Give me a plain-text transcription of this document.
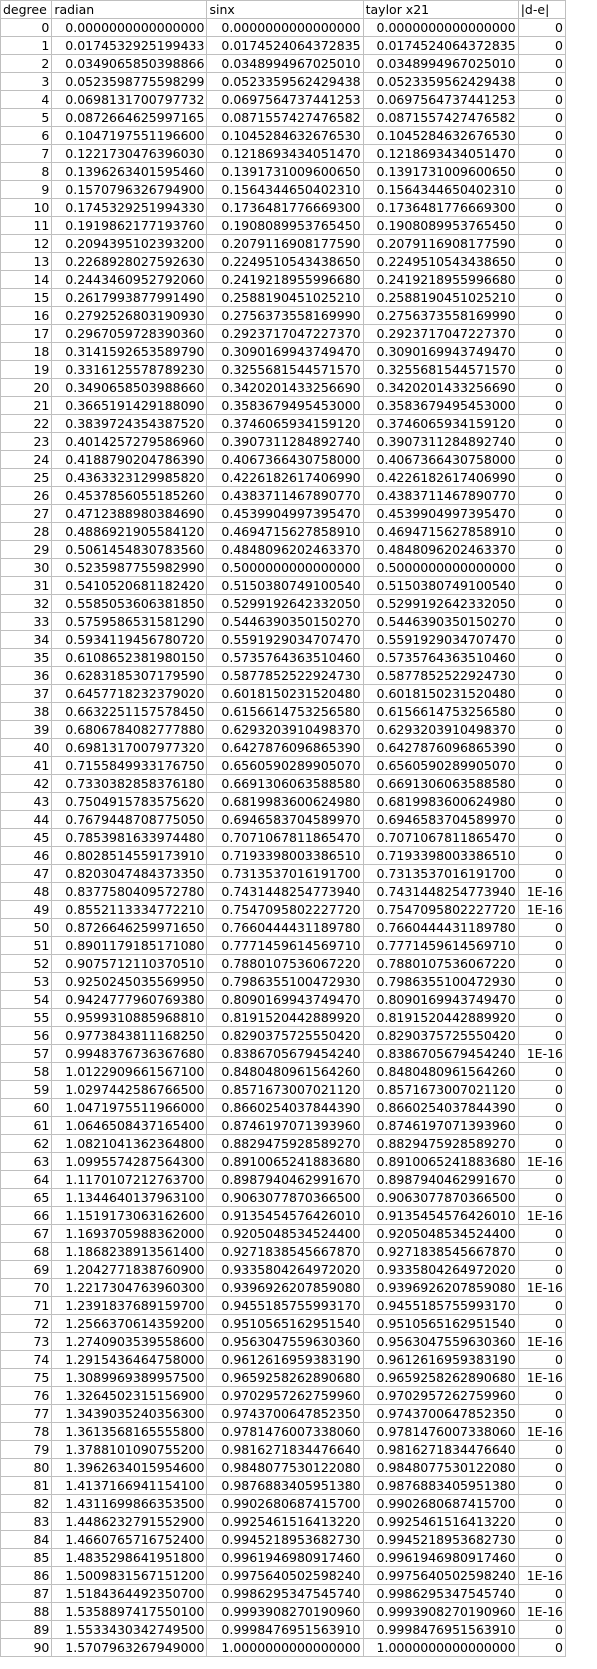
degree	radian	sinx	taylor x21	|d-e|
0	0.0000000000000000	0.0000000000000000	0.0000000000000000	0
1	0.0174532925199433	0.0174524064372835	0.0174524064372835	0
2	0.0349065850398866	0.0348994967025010	0.0348994967025010	0
3	0.0523598775598299	0.0523359562429438	0.0523359562429438	0
4	0.0698131700797732	0.0697564737441253	0.0697564737441253	0
5	0.0872664625997165	0.0871557427476582	0.0871557427476582	0
6	0.1047197551196600	0.1045284632676530	0.1045284632676530	0
7	0.1221730476396030	0.1218693434051470	0.1218693434051470	0
8	0.1396263401595460	0.1391731009600650	0.1391731009600650	0
9	0.1570796326794900	0.1564344650402310	0.1564344650402310	0
10	0.1745329251994330	0.1736481776669300	0.1736481776669300	0
11	0.1919862177193760	0.1908089953765450	0.1908089953765450	0
12	0.2094395102393200	0.2079116908177590	0.2079116908177590	0
13	0.2268928027592630	0.2249510543438650	0.2249510543438650	0
14	0.2443460952792060	0.2419218955996680	0.2419218955996680	0
15	0.2617993877991490	0.2588190451025210	0.2588190451025210	0
16	0.2792526803190930	0.2756373558169990	0.2756373558169990	0
17	0.2967059728390360	0.2923717047227370	0.2923717047227370	0
18	0.3141592653589790	0.3090169943749470	0.3090169943749470	0
19	0.3316125578789230	0.3255681544571570	0.3255681544571570	0
20	0.3490658503988660	0.3420201433256690	0.3420201433256690	0
21	0.3665191429188090	0.3583679495453000	0.3583679495453000	0
22	0.3839724354387520	0.3746065934159120	0.3746065934159120	0
23	0.4014257279586960	0.3907311284892740	0.3907311284892740	0
24	0.4188790204786390	0.4067366430758000	0.4067366430758000	0
25	0.4363323129985820	0.4226182617406990	0.4226182617406990	0
26	0.4537856055185260	0.4383711467890770	0.4383711467890770	0
27	0.4712388980384690	0.4539904997395470	0.4539904997395470	0
28	0.4886921905584120	0.4694715627858910	0.4694715627858910	0
29	0.5061454830783560	0.4848096202463370	0.4848096202463370	0
30	0.5235987755982990	0.5000000000000000	0.5000000000000000	0
31	0.5410520681182420	0.5150380749100540	0.5150380749100540	0
32	0.5585053606381850	0.5299192642332050	0.5299192642332050	0
33	0.5759586531581290	0.5446390350150270	0.5446390350150270	0
34	0.5934119456780720	0.5591929034707470	0.5591929034707470	0
35	0.6108652381980150	0.5735764363510460	0.5735764363510460	0
36	0.6283185307179590	0.5877852522924730	0.5877852522924730	0
37	0.6457718232379020	0.6018150231520480	0.6018150231520480	0
38	0.6632251157578450	0.6156614753256580	0.6156614753256580	0
39	0.6806784082777880	0.6293203910498370	0.6293203910498370	0
40	0.6981317007977320	0.6427876096865390	0.6427876096865390	0
41	0.7155849933176750	0.6560590289905070	0.6560590289905070	0
42	0.7330382858376180	0.6691306063588580	0.6691306063588580	0
43	0.7504915783575620	0.6819983600624980	0.6819983600624980	0
44	0.7679448708775050	0.6946583704589970	0.6946583704589970	0
45	0.7853981633974480	0.7071067811865470	0.7071067811865470	0
46	0.8028514559173910	0.7193398003386510	0.7193398003386510	0
47	0.8203047484373350	0.7313537016191700	0.7313537016191700	0
48	0.8377580409572780	0.7431448254773940	0.7431448254773940	1E-16
49	0.8552113334772210	0.7547095802227720	0.7547095802227720	1E-16
50	0.8726646259971650	0.7660444431189780	0.7660444431189780	0
51	0.8901179185171080	0.7771459614569710	0.7771459614569710	0
52	0.9075712110370510	0.7880107536067220	0.7880107536067220	0
53	0.9250245035569950	0.7986355100472930	0.7986355100472930	0
54	0.9424777960769380	0.8090169943749470	0.8090169943749470	0
55	0.9599310885968810	0.8191520442889920	0.8191520442889920	0
56	0.9773843811168250	0.8290375725550420	0.8290375725550420	0
57	0.9948376736367680	0.8386705679454240	0.8386705679454240	1E-16
58	1.0122909661567100	0.8480480961564260	0.8480480961564260	0
59	1.0297442586766500	0.8571673007021120	0.8571673007021120	0
60	1.0471975511966000	0.8660254037844390	0.8660254037844390	0
61	1.0646508437165400	0.8746197071393960	0.8746197071393960	0
62	1.0821041362364800	0.8829475928589270	0.8829475928589270	0
63	1.0995574287564300	0.8910065241883680	0.8910065241883680	1E-16
64	1.1170107212763700	0.8987940462991670	0.8987940462991670	0
65	1.1344640137963100	0.9063077870366500	0.9063077870366500	0
66	1.1519173063162600	0.9135454576426010	0.9135454576426010	1E-16
67	1.1693705988362000	0.9205048534524400	0.9205048534524400	0
68	1.1868238913561400	0.9271838545667870	0.9271838545667870	0
69	1.2042771838760900	0.9335804264972020	0.9335804264972020	0
70	1.2217304763960300	0.9396926207859080	0.9396926207859080	1E-16
71	1.2391837689159700	0.9455185755993170	0.9455185755993170	0
72	1.2566370614359200	0.9510565162951540	0.9510565162951540	0
73	1.2740903539558600	0.9563047559630360	0.9563047559630360	1E-16
74	1.2915436464758000	0.9612616959383190	0.9612616959383190	0
75	1.3089969389957500	0.9659258262890680	0.9659258262890680	1E-16
76	1.3264502315156900	0.9702957262759960	0.9702957262759960	0
77	1.3439035240356300	0.9743700647852350	0.9743700647852350	0
78	1.3613568165555800	0.9781476007338060	0.9781476007338060	1E-16
79	1.3788101090755200	0.9816271834476640	0.9816271834476640	0
80	1.3962634015954600	0.9848077530122080	0.9848077530122080	0
81	1.4137166941154100	0.9876883405951380	0.9876883405951380	0
82	1.4311699866353500	0.9902680687415700	0.9902680687415700	0
83	1.4486232791552900	0.9925461516413220	0.9925461516413220	0
84	1.4660765716752400	0.9945218953682730	0.9945218953682730	0
85	1.4835298641951800	0.9961946980917460	0.9961946980917460	0
86	1.5009831567151200	0.9975640502598240	0.9975640502598240	1E-16
87	1.5184364492350700	0.9986295347545740	0.9986295347545740	0
88	1.5358897417550100	0.9993908270190960	0.9993908270190960	1E-16
89	1.5533430342749500	0.9998476951563910	0.9998476951563910	0
90	1.5707963267949000	1.0000000000000000	1.0000000000000000	0
